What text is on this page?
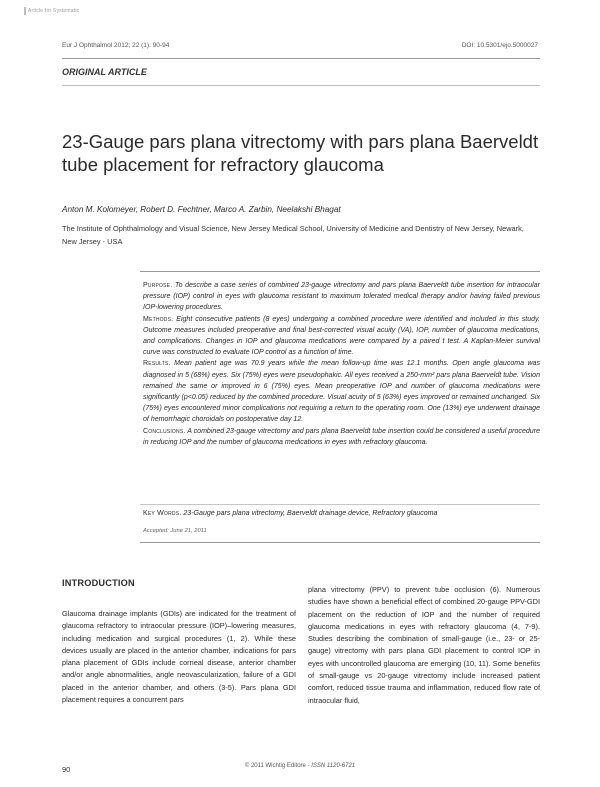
Article for Systematic
Eur J Ophthalmol 2012; 22 (1): 90-94	DOI: 10.5301/ejo.5000027
ORIGINAL ARTICLE
23-Gauge pars plana vitrectomy with pars plana Baerveldt tube placement for refractory glaucoma
Anton M. Kolomeyer, Robert D. Fechtner, Marco A. Zarbin, Neelakshi Bhagat
The Institute of Ophthalmology and Visual Science, New Jersey Medical School, University of Medicine and Dentistry of New Jersey, Newark, New Jersey - USA

Purpose. To describe a case series of combined 23-gauge vitrectomy and pars plana Baerveldt tube insertion for intraocular pressure (IOP) control in eyes with glaucoma resistant to maximum tolerated medical therapy and/or having failed previous IOP-lowering procedures.

Methods. Eight consecutive patients (8 eyes) undergoing a combined procedure were identified and included in this study. Outcome measures included preoperative and final best-corrected visual acuity (VA), IOP, number of glaucoma medications, and complications. Changes in IOP and glaucoma medications were compared by a paired t test. A Kaplan-Meier survival curve was constructed to evaluate IOP control as a function of time.

Results. Mean patient age was 70.9 years while the mean follow-up time was 12.1 months. Open angle glaucoma was diagnosed in 5 (68%) eyes. Six (75%) eyes were pseudophakic. All eyes received a 250-mm² pars plana Baerveldt tube. Vision remained the same or improved in 6 (75%) eyes. Mean preoperative IOP and number of glaucoma medications were significantly (p<0.05) reduced by the combined procedure. Visual acuity of 5 (63%) eyes improved or remained unchanged. Six (75%) eyes encountered minor complications not requiring a return to the operating room. One (13%) eye underwent drainage of hemorrhagic choroidals on postoperative day 12.

Conclusions. A combined 23-gauge vitrectomy and pars plana Baerveldt tube insertion could be considered a useful procedure in reducing IOP and the number of glaucoma medications in eyes with refractory glaucoma.

Key Words. 23-Gauge pars plana vitrectomy, Baerveldt drainage device, Refractory glaucoma
Accepted: June 21, 2011
INTRODUCTION
Glaucoma drainage implants (GDIs) are indicated for the treatment of glaucoma refractory to intraocular pressure (IOP)–lowering measures, including medication and surgical procedures (1, 2). While these devices usually are placed in the anterior chamber, indications for pars plana placement of GDIs include corneal disease, anterior chamber and/or angle abnormalities, angle neovascularization, failure of a GDI placed in the anterior chamber, and others (3-5). Pars plana GDI placement requires a concurrent pars
plana vitrectomy (PPV) to prevent tube occlusion (6). Numerous studies have shown a beneficial effect of combined 20-gauge PPV-GDI placement on the reduction of IOP and the number of required glaucoma medications in eyes with refractory glaucoma (4, 7-9). Studies describing the combination of small-gauge (i.e., 23- or 25-gauge) vitrectomy with pars plana GDI placement to control IOP in eyes with uncontrolled glaucoma are emerging (10, 11). Some benefits of small-gauge vs 20-gauge vitrectomy include increased patient comfort, reduced tissue trauma and inflammation, reduced flow rate of intraocular fluid,
90	© 2011 Wichtig Editore - ISSN 1120-6721
